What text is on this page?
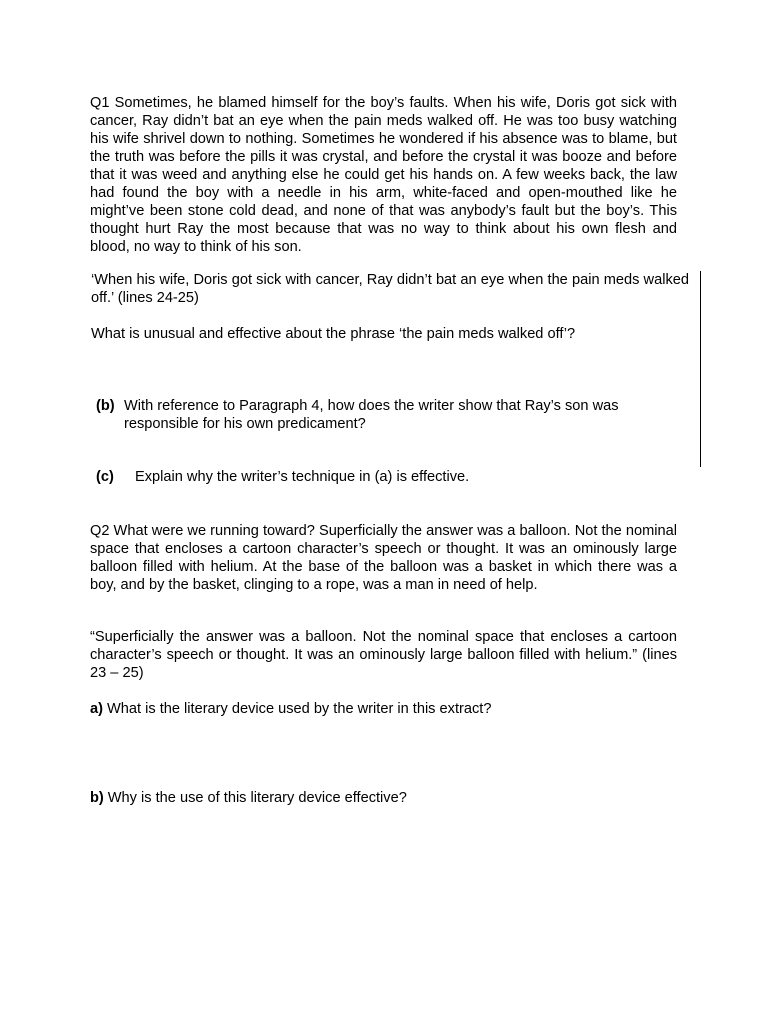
Q1 Sometimes, he blamed himself for the boy’s faults. When his wife, Doris got sick with cancer, Ray didn’t bat an eye when the pain meds walked off. He was too busy watching his wife shrivel down to nothing. Sometimes he wondered if his absence was to blame, but the truth was before the pills it was crystal, and before the crystal it was booze and before that it was weed and anything else he could get his hands on. A few weeks back, the law had found the boy with a needle in his arm, white-faced and open-mouthed like he might’ve been stone cold dead, and none of that was anybody’s fault but the boy’s. This thought hurt Ray the most because that was no way to think about his own flesh and blood, no way to think of his son.

‘When his wife, Doris got sick with cancer, Ray didn’t bat an eye when the pain meds walked off.’ (lines 24-25)

What is unusual and effective about the phrase ‘the pain meds walked off’?

(b) With reference to Paragraph 4, how does the writer show that Ray’s son was responsible for his own predicament?
(c)	Explain why the writer’s technique in (a) is effective.

Q2 What were we running toward? Superficially the answer was a balloon. Not the nominal space that encloses a cartoon character’s speech or thought. It was an ominously large balloon filled with helium. At the base of the balloon was a basket in which there was a boy, and by the basket, clinging to a rope, was a man in need of help.

“Superficially the answer was a balloon. Not the nominal space that encloses a cartoon character’s speech or thought. It was an ominously large balloon filled with helium.” (lines 23 – 25)

a) What is the literary device used by the writer in this extract?
b) Why is the use of this literary device effective?
